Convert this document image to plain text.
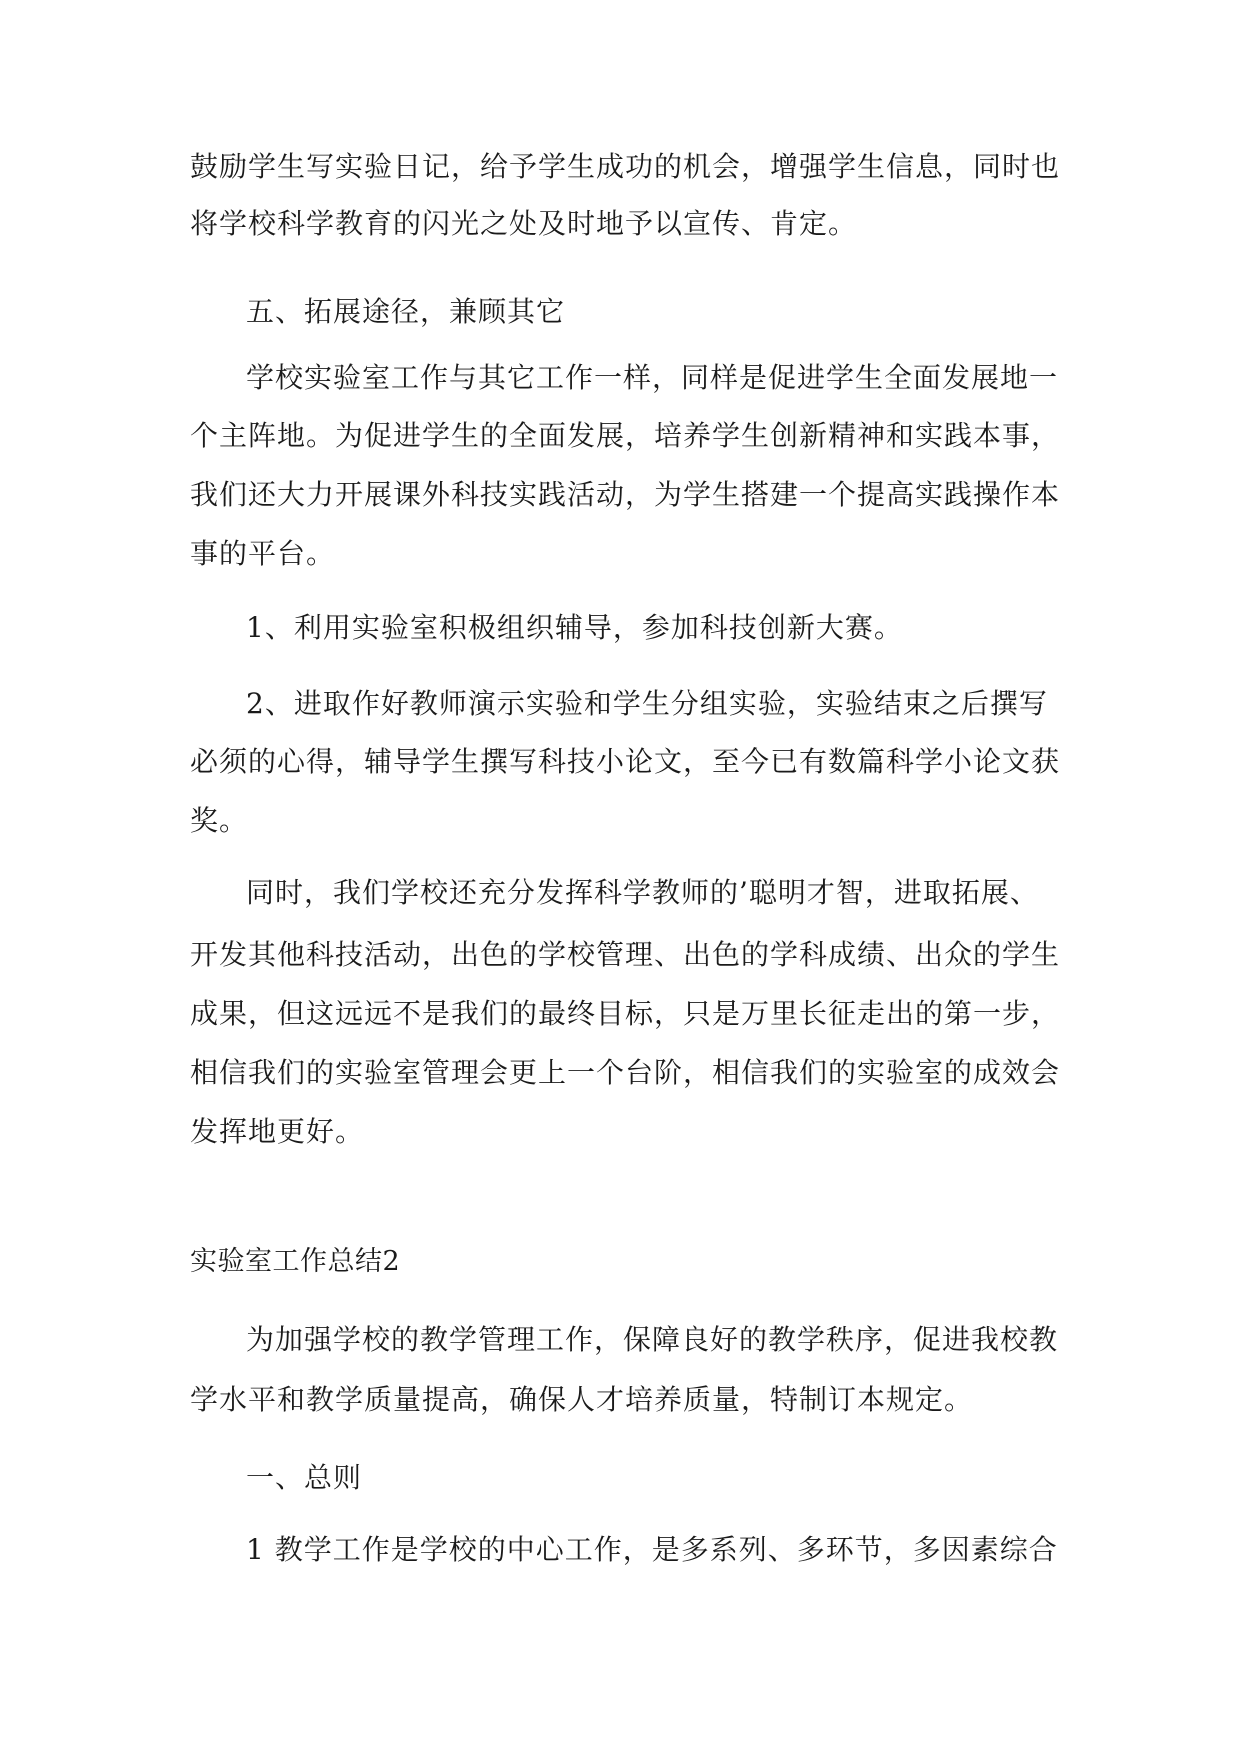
鼓励学生写实验日记，给予学生成功的机会，增强学生信息，同时也
将学校科学教育的闪光之处及时地予以宣传、肯定。
五、拓展途径，兼顾其它
学校实验室工作与其它工作一样，同样是促进学生全面发展地一
个主阵地。为促进学生的全面发展，培养学生创新精神和实践本事，
我们还大力开展课外科技实践活动，为学生搭建一个提高实践操作本
事的平台。
1、利用实验室积极组织辅导，参加科技创新大赛。
2、进取作好教师演示实验和学生分组实验，实验结束之后撰写
必须的心得，辅导学生撰写科技小论文，至今已有数篇科学小论文获
奖。
同时，我们学校还充分发挥科学教师的’聪明才智，进取拓展、
开发其他科技活动，出色的学校管理、出色的学科成绩、出众的学生
成果，但这远远不是我们的最终目标，只是万里长征走出的第一步，
相信我们的实验室管理会更上一个台阶，相信我们的实验室的成效会
发挥地更好。
实验室工作总结2
为加强学校的教学管理工作，保障良好的教学秩序，促进我校教
学水平和教学质量提高，确保人才培养质量，特制订本规定。
一、总则
1 教学工作是学校的中心工作，是多系列、多环节，多因素综合
